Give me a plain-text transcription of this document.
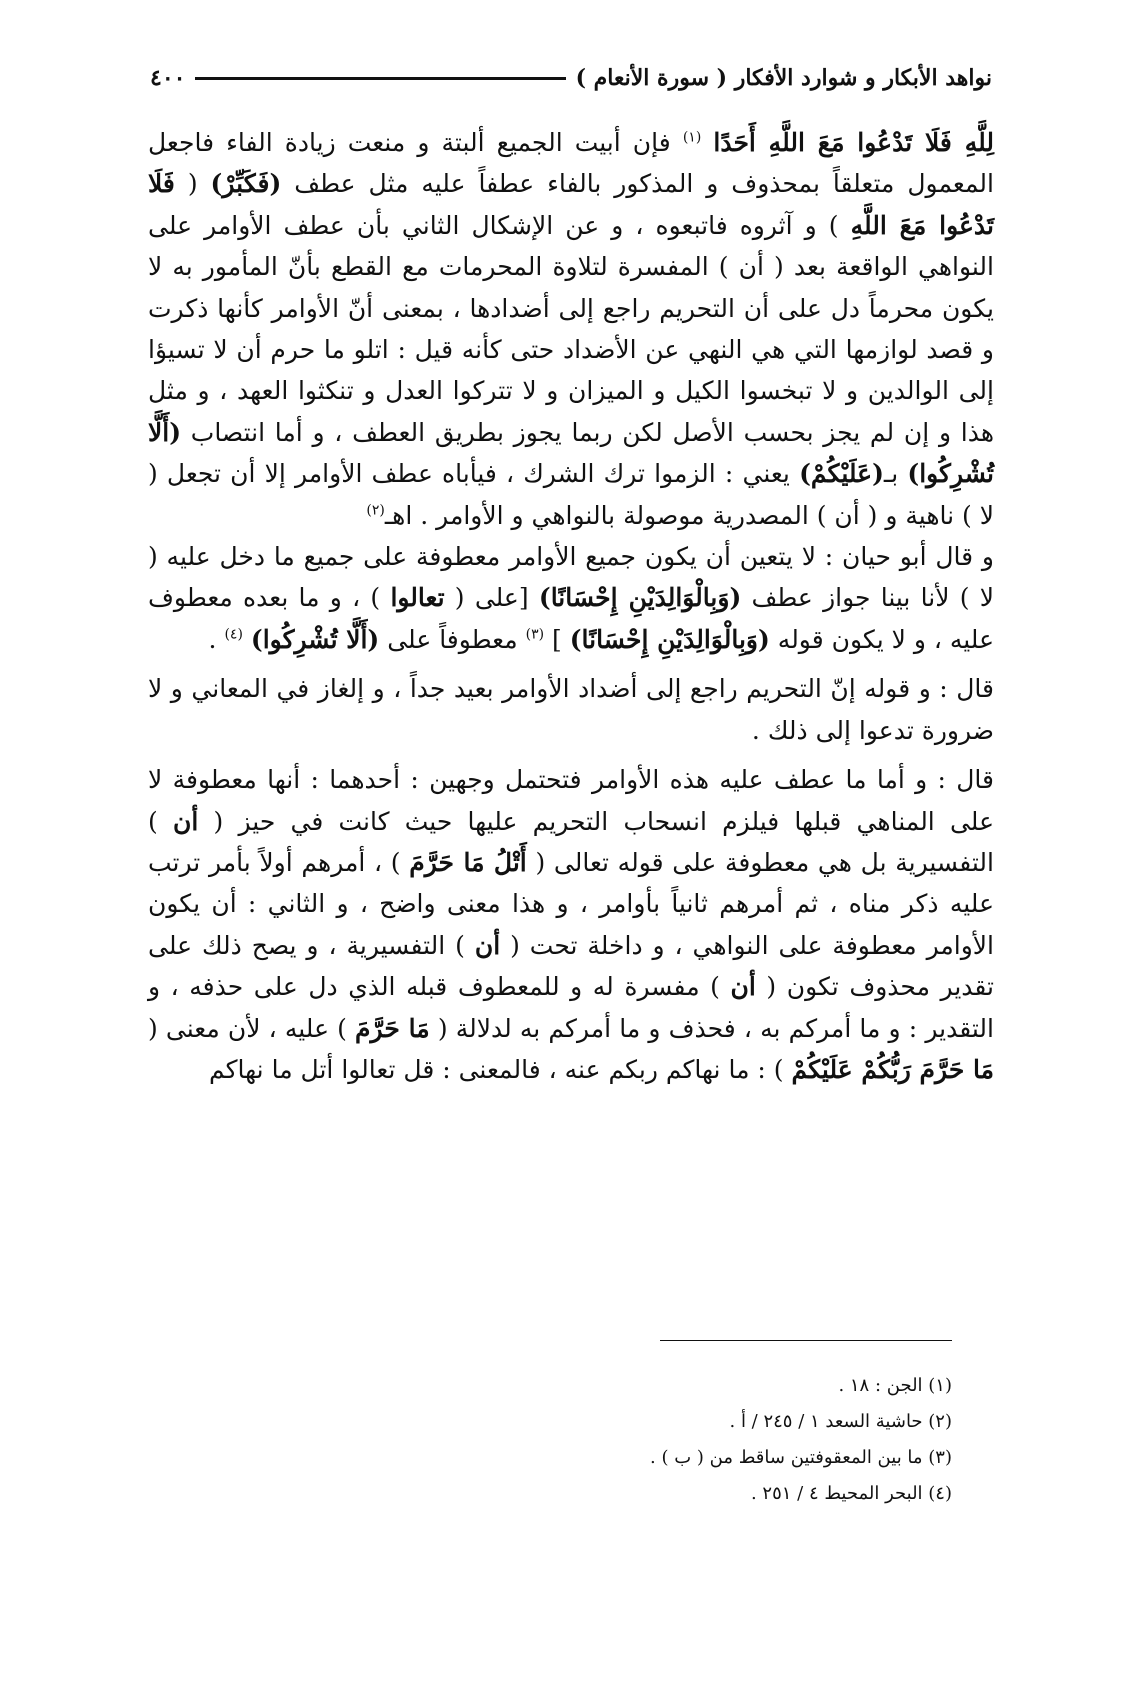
نواهد الأبكار و شوارد الأفكار ( سورة الأنعام )
٤٠٠

لِلَّهِ فَلَا تَدْعُوا مَعَ اللَّهِ أَحَدًا $^{(١)}$ فإن أبيت الجميع ألبتة و منعت زيادة الفاء فاجعل المعمول متعلقاً بمحذوف و المذكور بالفاء عطفاً عليه مثل عطف (فَكَبِّرْ) ( فَلَا تَدْعُوا مَعَ اللَّهِ ) و آثروه فاتبعوه ، و عن الإشكال الثاني بأن عطف الأوامر على النواهي الواقعة بعد ( أن ) المفسرة لتلاوة المحرمات مع القطع بأنّ المأمور به لا يكون محرماً دل على أن التحريم راجع إلى أضدادها ، بمعنى أنّ الأوامر كأنها ذكرت و قصد لوازمها التي هي النهي عن الأضداد حتى كأنه قيل : اتلو ما حرم أن لا تسيؤا إلى الوالدين و لا تبخسوا الكيل و الميزان و لا تتركوا العدل و تنكثوا العهد ، و مثل هذا و إن لم يجز بحسب الأصل لكن ربما يجوز بطريق العطف ، و أما انتصاب (أَلَّا تُشْرِكُوا) بـ(عَلَيْكُمْ) يعني : الزموا ترك الشرك ، فيأباه عطف الأوامر إلا أن تجعل ( لا ) ناهية و ( أن ) المصدرية موصولة بالنواهي و الأوامر . اهـ$^{(٢)}$

و قال أبو حيان : لا يتعين أن يكون جميع الأوامر معطوفة على جميع ما دخل عليه ( لا ) لأنا بينا جواز عطف (وَبِالْوَالِدَيْنِ إِحْسَانًا) [على ( تعالوا ) ، و ما بعده معطوف عليه ، و لا يكون قوله (وَبِالْوَالِدَيْنِ إِحْسَانًا) ] $^{(٣)}$ معطوفاً على (أَلَّا تُشْرِكُوا) $^{(٤)}$ .

قال : و قوله إنّ التحريم راجع إلى أضداد الأوامر بعيد جداً ، و إلغاز في المعاني و لا ضرورة تدعوا إلى ذلك .

قال : و أما ما عطف عليه هذه الأوامر فتحتمل وجهين : أحدهما : أنها معطوفة لا على المناهي قبلها فيلزم انسحاب التحريم عليها حيث كانت في حيز ( أن ) التفسيرية بل هي معطوفة على قوله تعالى ( أَتْلُ مَا حَرَّمَ ) ، أمرهم أولاً بأمر ترتب عليه ذكر مناه ، ثم أمرهم ثانياً بأوامر ، و هذا معنى واضح ، و الثاني : أن يكون الأوامر معطوفة على النواهي ، و داخلة تحت ( أن ) التفسيرية ، و يصح ذلك على تقدير محذوف تكون ( أن ) مفسرة له و للمعطوف قبله الذي دل على حذفه ، و التقدير : و ما أمركم به ، فحذف و ما أمركم به لدلالة ( مَا حَرَّمَ ) عليه ، لأن معنى ( مَا حَرَّمَ رَبُّكُمْ عَلَيْكُمْ ) : ما نهاكم ربكم عنه ، فالمعنى : قل تعالوا أتل ما نهاكم

(١) الجن : ١٨ .
(٢) حاشية السعد ١ / ٢٤٥ / أ .
(٣) ما بين المعقوفتين ساقط من ( ب ) .
(٤) البحر المحيط ٤ / ٢٥١ .
